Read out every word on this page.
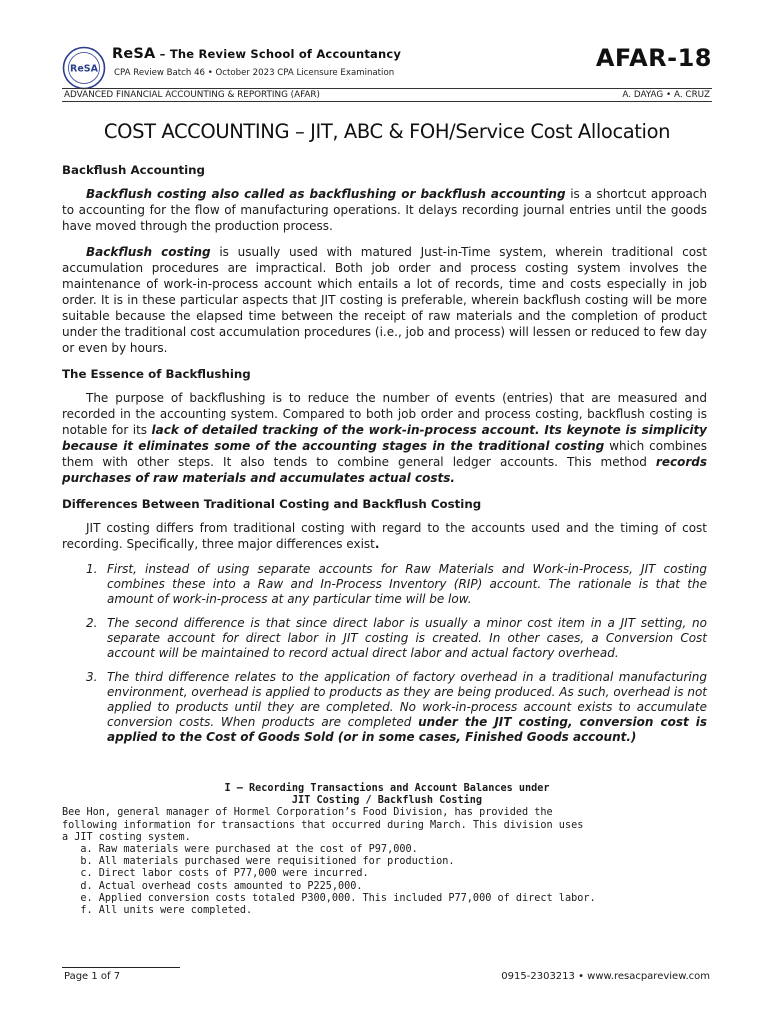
ReSA
ReSA – The Review School of Accountancy
CPA Review Batch 46 • October 2023 CPA Licensure Examination
AFAR-18
ADVANCED FINANCIAL ACCOUNTING & REPORTING (AFAR)	A. DAYAG • A. CRUZ
COST ACCOUNTING – JIT, ABC & FOH/Service Cost Allocation
Backflush Accounting
Backflush costing also called as backflushing or backflush accounting is a shortcut approach to accounting for the flow of manufacturing operations. It delays recording journal entries until the goods have moved through the production process.
Backflush costing is usually used with matured Just-in-Time system, wherein traditional cost accumulation procedures are impractical. Both job order and process costing system involves the maintenance of work-in-process account which entails a lot of records, time and costs especially in job order. It is in these particular aspects that JIT costing is preferable, wherein backflush costing will be more suitable because the elapsed time between the receipt of raw materials and the completion of product under the traditional cost accumulation procedures (i.e., job and process) will lessen or reduced to few day or even by hours.
The Essence of Backflushing
The purpose of backflushing is to reduce the number of events (entries) that are measured and recorded in the accounting system. Compared to both job order and process costing, backflush costing is notable for its lack of detailed tracking of the work-in-process account. Its keynote is simplicity because it eliminates some of the accounting stages in the traditional costing which combines them with other steps. It also tends to combine general ledger accounts. This method records purchases of raw materials and accumulates actual costs.
Differences Between Traditional Costing and Backflush Costing
JIT costing differs from traditional costing with regard to the accounts used and the timing of cost recording. Specifically, three major differences exist.
1. First, instead of using separate accounts for Raw Materials and Work-in-Process, JIT costing combines these into a Raw and In-Process Inventory (RIP) account. The rationale is that the amount of work-in-process at any particular time will be low.
2. The second difference is that since direct labor is usually a minor cost item in a JIT setting, no separate account for direct labor in JIT costing is created. In other cases, a Conversion Cost account will be maintained to record actual direct labor and actual factory overhead.
3. The third difference relates to the application of factory overhead in a traditional manufacturing environment, overhead is applied to products as they are being produced. As such, overhead is not applied to products until they are completed. No work-in-process account exists to accumulate conversion costs. When products are completed under the JIT costing, conversion cost is applied to the Cost of Goods Sold (or in some cases, Finished Goods account.)
I – Recording Transactions and Account Balances under
JIT Costing / Backflush Costing
Bee Hon, general manager of Hormel Corporation’s Food Division, has provided the
following information for transactions that occurred during March. This division uses
a JIT costing system.
a. Raw materials were purchased at the cost of P97,000.
b. All materials purchased were requisitioned for production.
c. Direct labor costs of P77,000 were incurred.
d. Actual overhead costs amounted to P225,000.
e. Applied conversion costs totaled P300,000. This included P77,000 of direct labor.
f. All units were completed.
Page 1 of 7	0915-2303213 • www.resacpareview.com
